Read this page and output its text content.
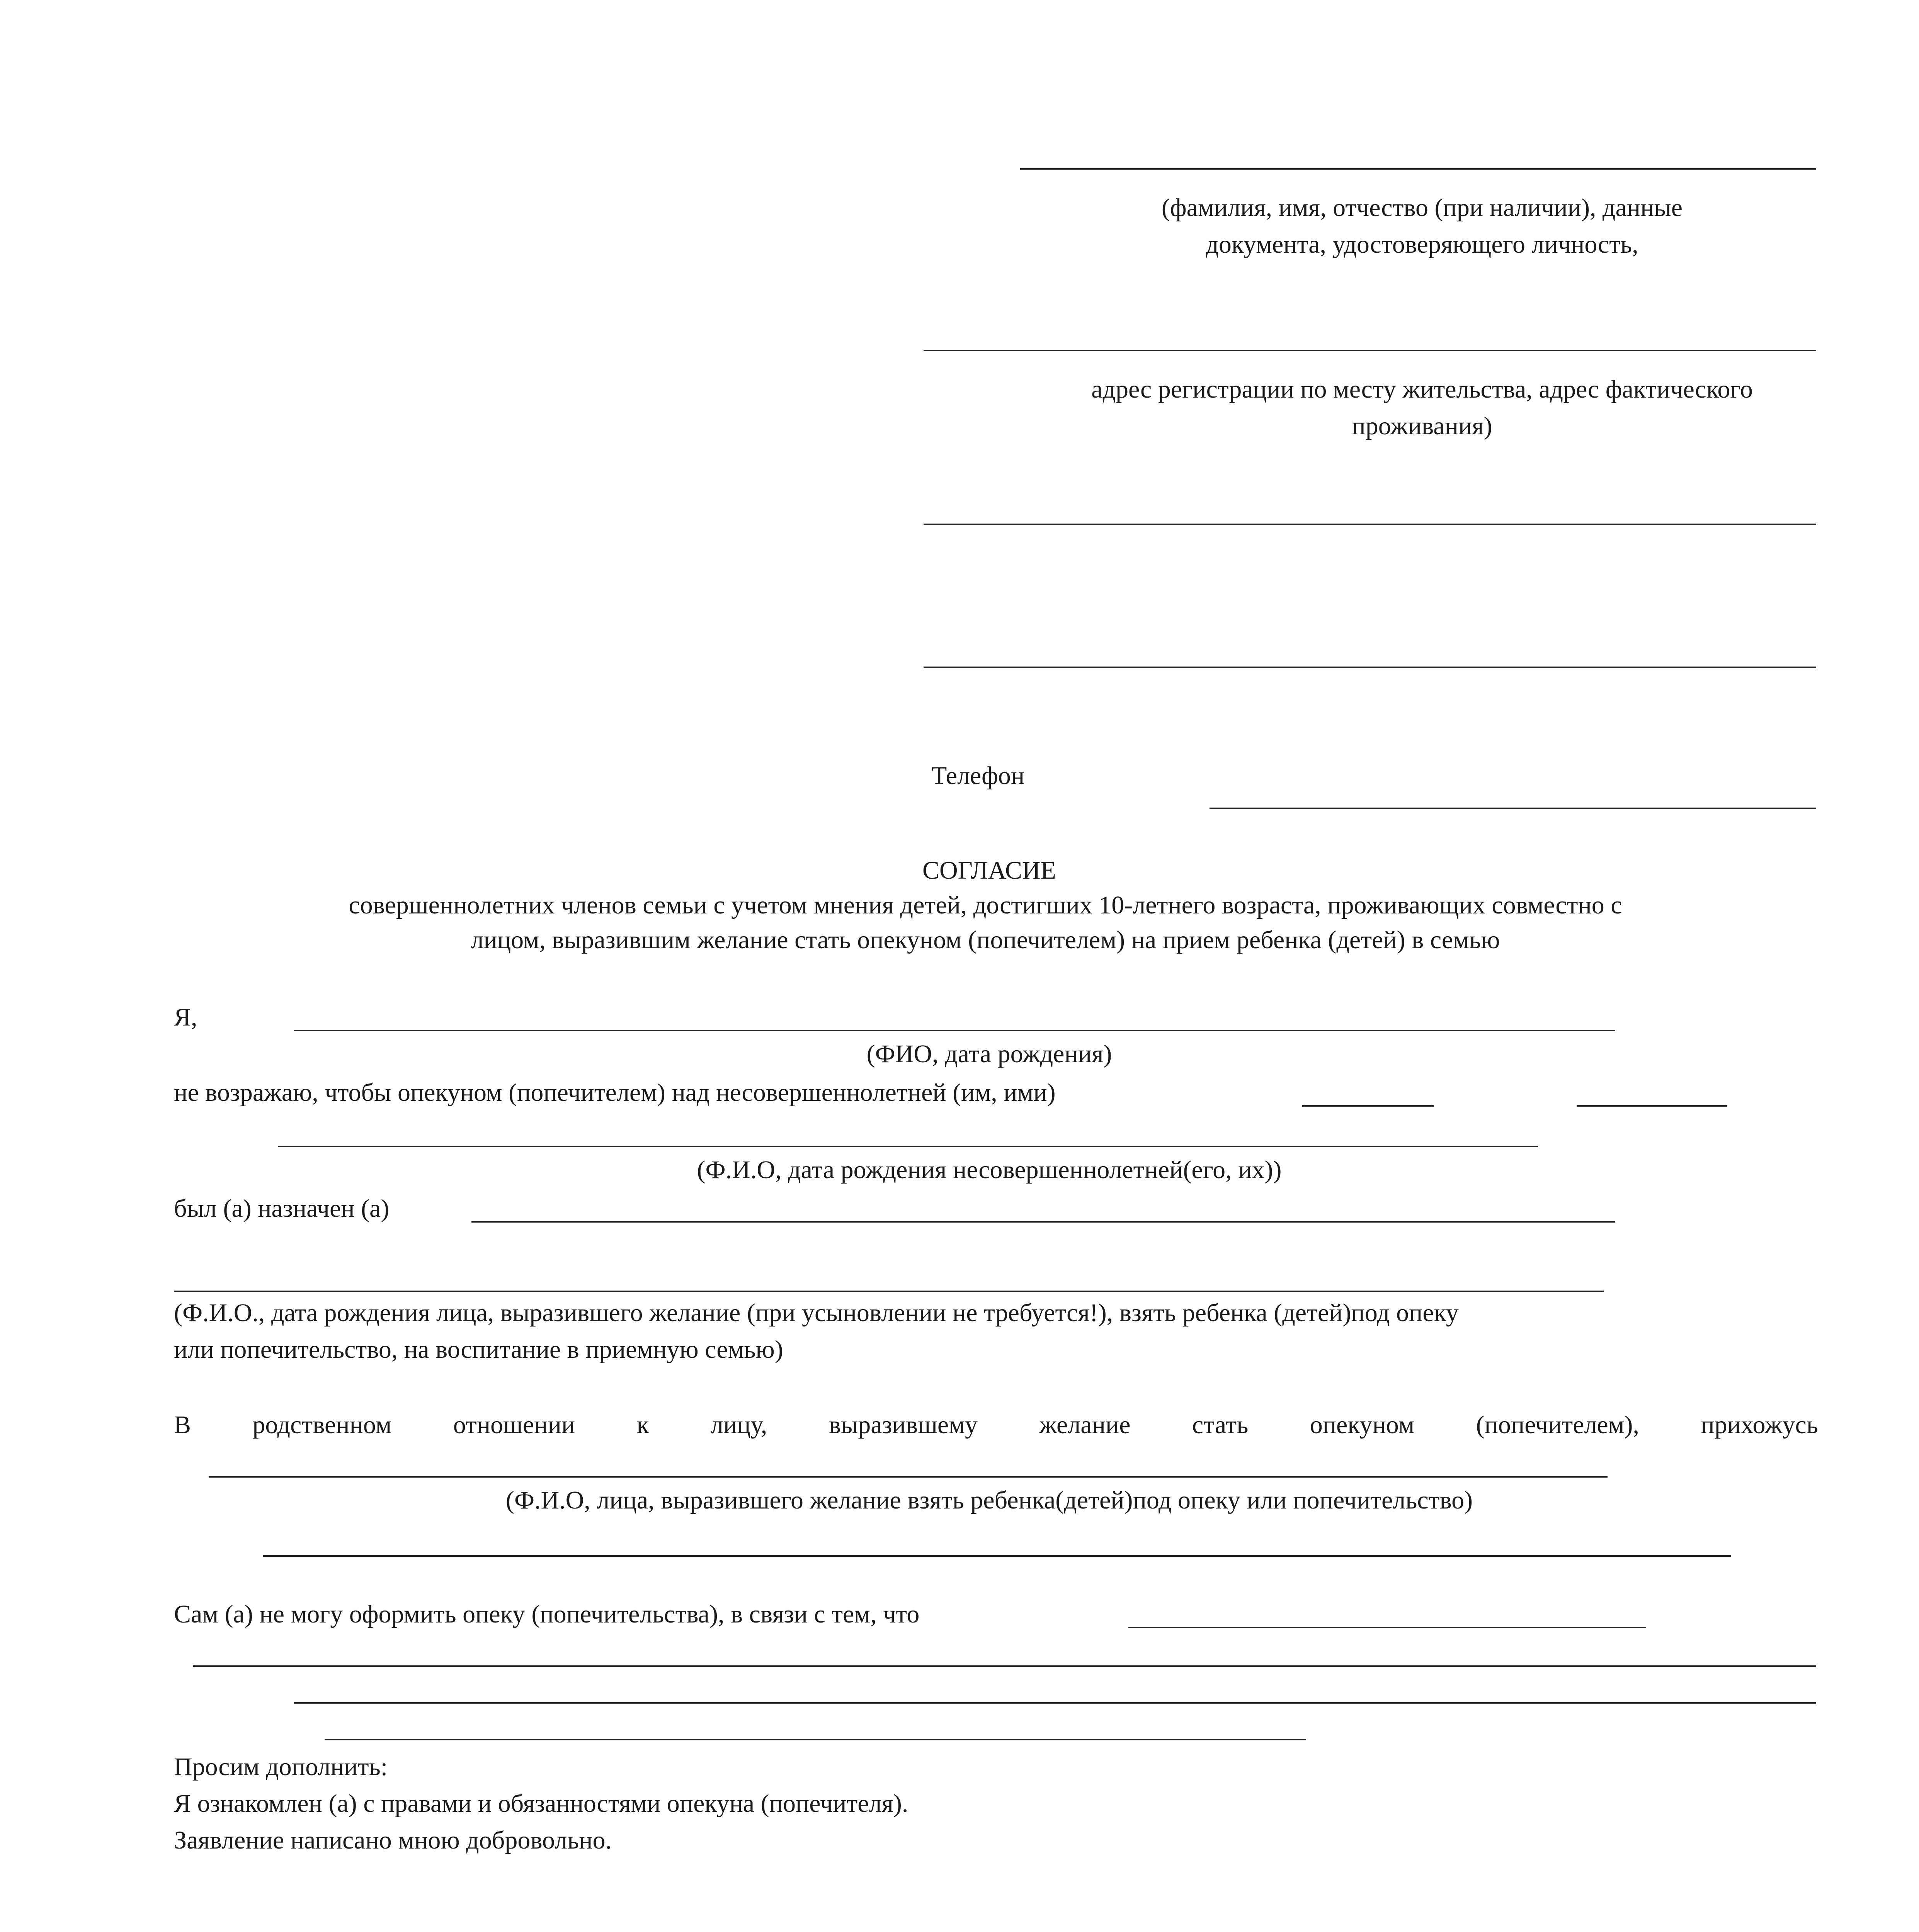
(фамилия, имя, отчество (при наличии), данные
документа, удостоверяющего личность,
адрес регистрации по месту жительства, адрес фактического
проживания)
Телефон
СОГЛАСИЕ
совершеннолетних членов семьи с учетом мнения детей, достигших 10-летнего возраста, проживающих совместно с
лицом, выразившим желание стать опекуном (попечителем) на прием ребенка (детей) в семью
Я,
(ФИО, дата рождения)
не возражаю, чтобы опекуном (попечителем) над несовершеннолетней (им, ими)
(Ф.И.О, дата рождения несовершеннолетней(его, их))
был (а) назначен (а)
(Ф.И.О., дата рождения лица, выразившего желание (при усыновлении не требуется!), взять ребенка (детей)под опеку
или попечительство, на воспитание в приемную семью)
В родственном отношении к лицу, выразившему желание стать опекуном (попечителем), прихожусь
(Ф.И.О, лица, выразившего желание взять ребенка(детей)под опеку или попечительство)
Сам (а) не могу оформить опеку (попечительства), в связи с тем, что
Просим дополнить:
Я ознакомлен (а) с правами и обязанностями опекуна (попечителя).
Заявление написано мною добровольно.
